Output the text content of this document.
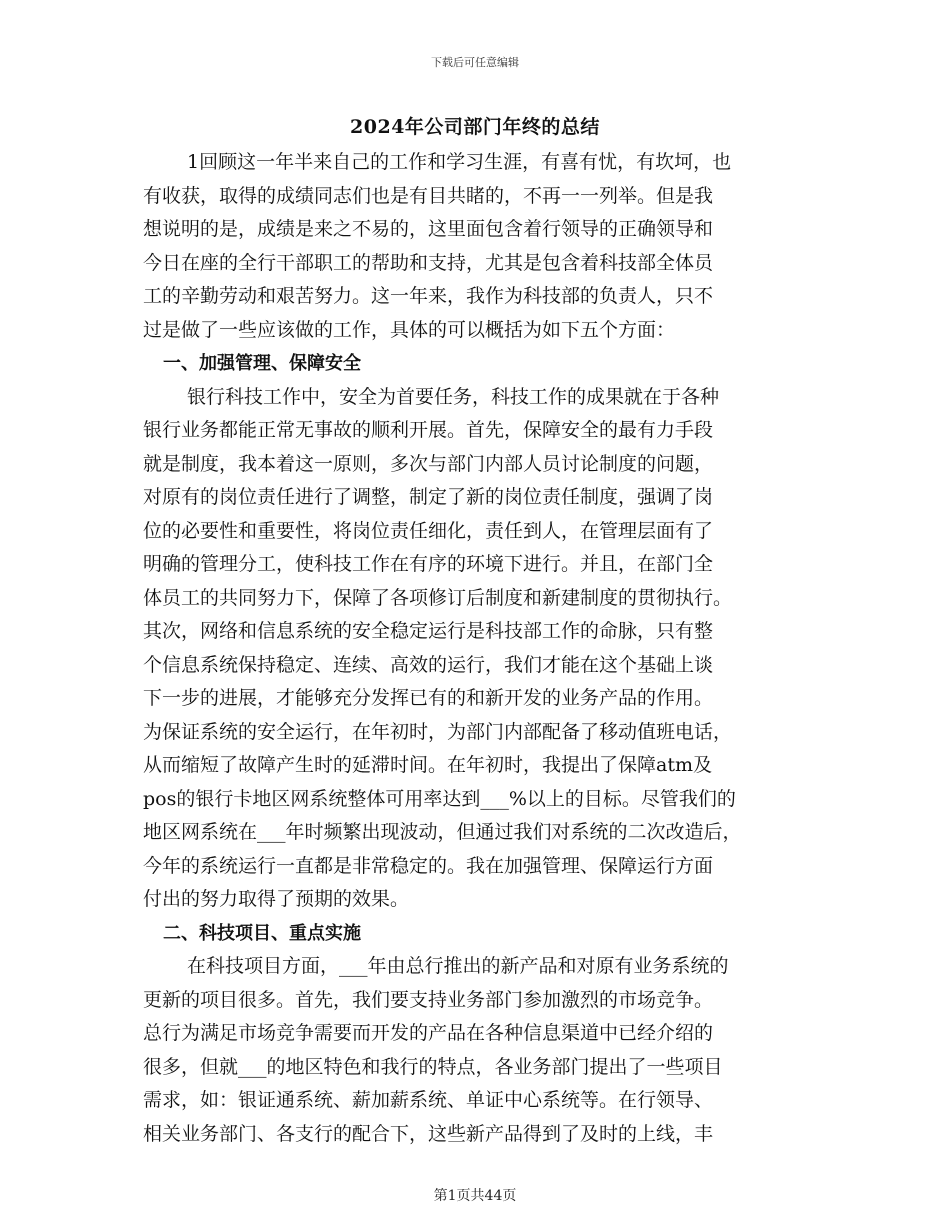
下载后可任意编辑
2024年公司部门年终的总结
1回顾这一年半来自己的工作和学习生涯，有喜有忧，有坎坷，也
有收获，取得的成绩同志们也是有目共睹的，不再一一列举。但是我
想说明的是，成绩是来之不易的，这里面包含着行领导的正确领导和
今日在座的全行干部职工的帮助和支持，尤其是包含着科技部全体员
工的辛勤劳动和艰苦努力。这一年来，我作为科技部的负责人，只不
过是做了一些应该做的工作，具体的可以概括为如下五个方面：
一、加强管理、保障安全
银行科技工作中，安全为首要任务，科技工作的成果就在于各种
银行业务都能正常无事故的顺利开展。首先，保障安全的最有力手段
就是制度，我本着这一原则，多次与部门内部人员讨论制度的问题，
对原有的岗位责任进行了调整，制定了新的岗位责任制度，强调了岗
位的必要性和重要性，将岗位责任细化，责任到人，在管理层面有了
明确的管理分工，使科技工作在有序的环境下进行。并且，在部门全
体员工的共同努力下，保障了各项修订后制度和新建制度的贯彻执行。
其次，网络和信息系统的安全稳定运行是科技部工作的命脉，只有整
个信息系统保持稳定、连续、高效的运行，我们才能在这个基础上谈
下一步的进展，才能够充分发挥已有的和新开发的业务产品的作用。
为保证系统的安全运行，在年初时，为部门内部配备了移动值班电话，
从而缩短了故障产生时的延滞时间。在年初时，我提出了保障atm及
pos的银行卡地区网系统整体可用率达到___%以上的目标。尽管我们的
地区网系统在___年时频繁出现波动，但通过我们对系统的二次改造后，
今年的系统运行一直都是非常稳定的。我在加强管理、保障运行方面
付出的努力取得了预期的效果。
二、科技项目、重点实施
在科技项目方面，___年由总行推出的新产品和对原有业务系统的
更新的项目很多。首先，我们要支持业务部门参加激烈的市场竞争。
总行为满足市场竞争需要而开发的产品在各种信息渠道中已经介绍的
很多，但就___的地区特色和我行的特点，各业务部门提出了一些项目
需求，如：银证通系统、薪加薪系统、单证中心系统等。在行领导、
相关业务部门、各支行的配合下，这些新产品得到了及时的上线，丰
第1页共44页
